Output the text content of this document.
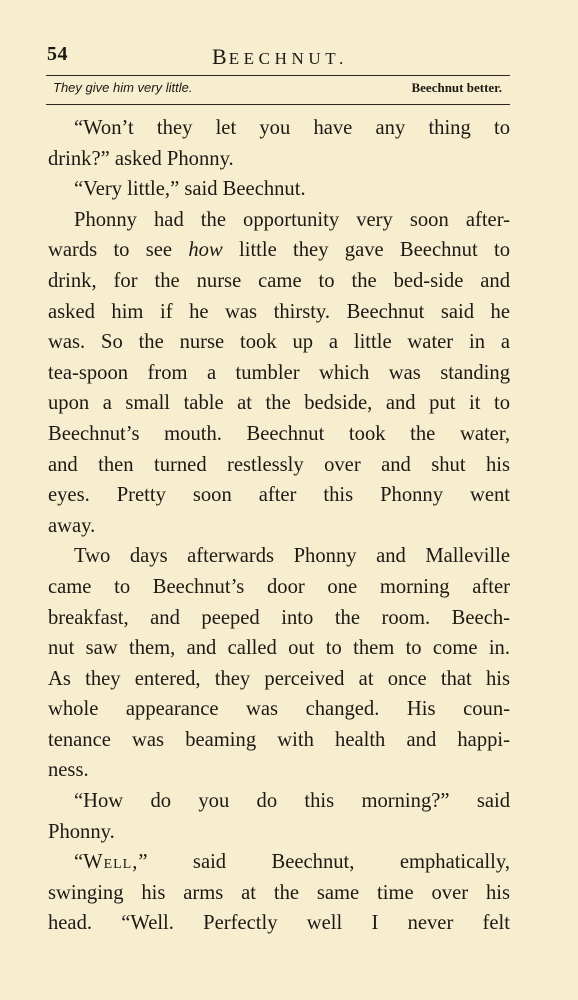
54	BEECHNUT.
They give him very little.	Beechnut better.
“Won’t they let you have any thing to
drink?” asked Phonny.
“Very little,” said Beechnut.
Phonny had the opportunity very soon after-
wards to see how little they gave Beechnut to
drink, for the nurse came to the bed-side and
asked him if he was thirsty. Beechnut said he
was. So the nurse took up a little water in a
tea-spoon from a tumbler which was standing
upon a small table at the bedside, and put it to
Beechnut’s mouth. Beechnut took the water,
and then turned restlessly over and shut his
eyes. Pretty soon after this Phonny went
away.
Two days afterwards Phonny and Malleville
came to Beechnut’s door one morning after
breakfast, and peeped into the room. Beech-
nut saw them, and called out to them to come in.
As they entered, they perceived at once that his
whole appearance was changed. His coun-
tenance was beaming with health and happi-
ness.
“How do you do this morning?” said
Phonny.
“Well,” said Beechnut, emphatically,
swinging his arms at the same time over his
head. “Well. Perfectly well I never felt
